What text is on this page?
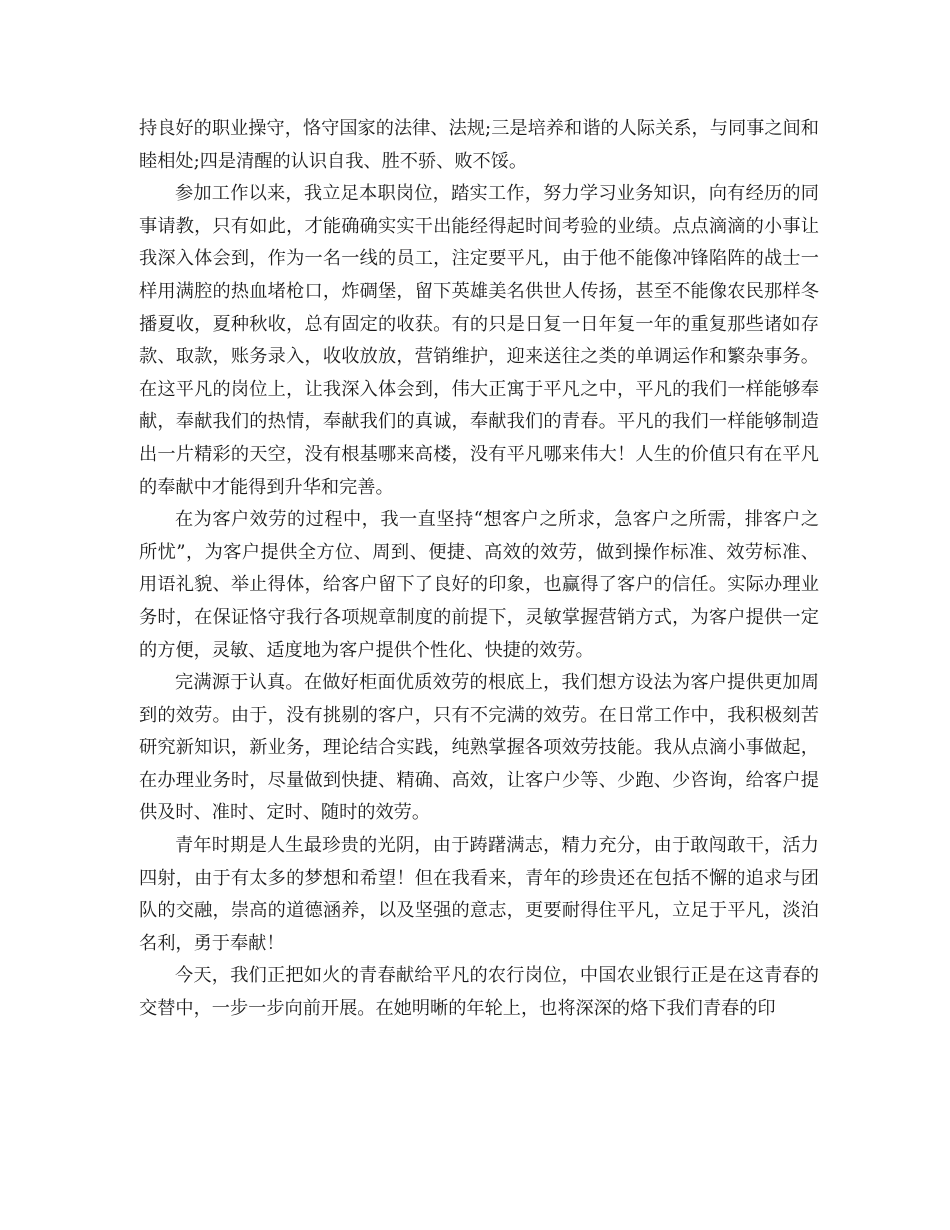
持良好的职业操守，恪守国家的法律、法规;三是培养和谐的人际关系，与同事之间和睦相处;四是清醒的认识自我、胜不骄、败不馁。

参加工作以来，我立足本职岗位，踏实工作，努力学习业务知识，向有经历的同事请教，只有如此，才能确确实实干出能经得起时间考验的业绩。点点滴滴的小事让我深入体会到，作为一名一线的员工，注定要平凡，由于他不能像冲锋陷阵的战士一样用满腔的热血堵枪口，炸碉堡，留下英雄美名供世人传扬，甚至不能像农民那样冬播夏收，夏种秋收，总有固定的收获。有的只是日复一日年复一年的重复那些诸如存款、取款，账务录入，收收放放，营销维护，迎来送往之类的单调运作和繁杂事务。在这平凡的岗位上，让我深入体会到，伟大正寓于平凡之中，平凡的我们一样能够奉献，奉献我们的热情，奉献我们的真诚，奉献我们的青春。平凡的我们一样能够制造出一片精彩的天空，没有根基哪来高楼，没有平凡哪来伟大！人生的价值只有在平凡的奉献中才能得到升华和完善。

在为客户效劳的过程中，我一直坚持“想客户之所求，急客户之所需，排客户之所忧”，为客户提供全方位、周到、便捷、高效的效劳，做到操作标准、效劳标准、用语礼貌、举止得体，给客户留下了良好的印象，也赢得了客户的信任。实际办理业务时，在保证恪守我行各项规章制度的前提下，灵敏掌握营销方式，为客户提供一定的方便，灵敏、适度地为客户提供个性化、快捷的效劳。

完满源于认真。在做好柜面优质效劳的根底上，我们想方设法为客户提供更加周到的效劳。由于，没有挑剔的客户，只有不完满的效劳。在日常工作中，我积极刻苦研究新知识，新业务，理论结合实践，纯熟掌握各项效劳技能。我从点滴小事做起，在办理业务时，尽量做到快捷、精确、高效，让客户少等、少跑、少咨询，给客户提供及时、准时、定时、随时的效劳。

青年时期是人生最珍贵的光阴，由于踌躇满志，精力充分，由于敢闯敢干，活力四射，由于有太多的梦想和希望！但在我看来，青年的珍贵还在包括不懈的追求与团队的交融，崇高的道德涵养，以及坚强的意志，更要耐得住平凡，立足于平凡，淡泊名利，勇于奉献！

今天，我们正把如火的青春献给平凡的农行岗位，中国农业银行正是在这青春的交替中，一步一步向前开展。在她明晰的年轮上，也将深深的烙下我们青春的印
